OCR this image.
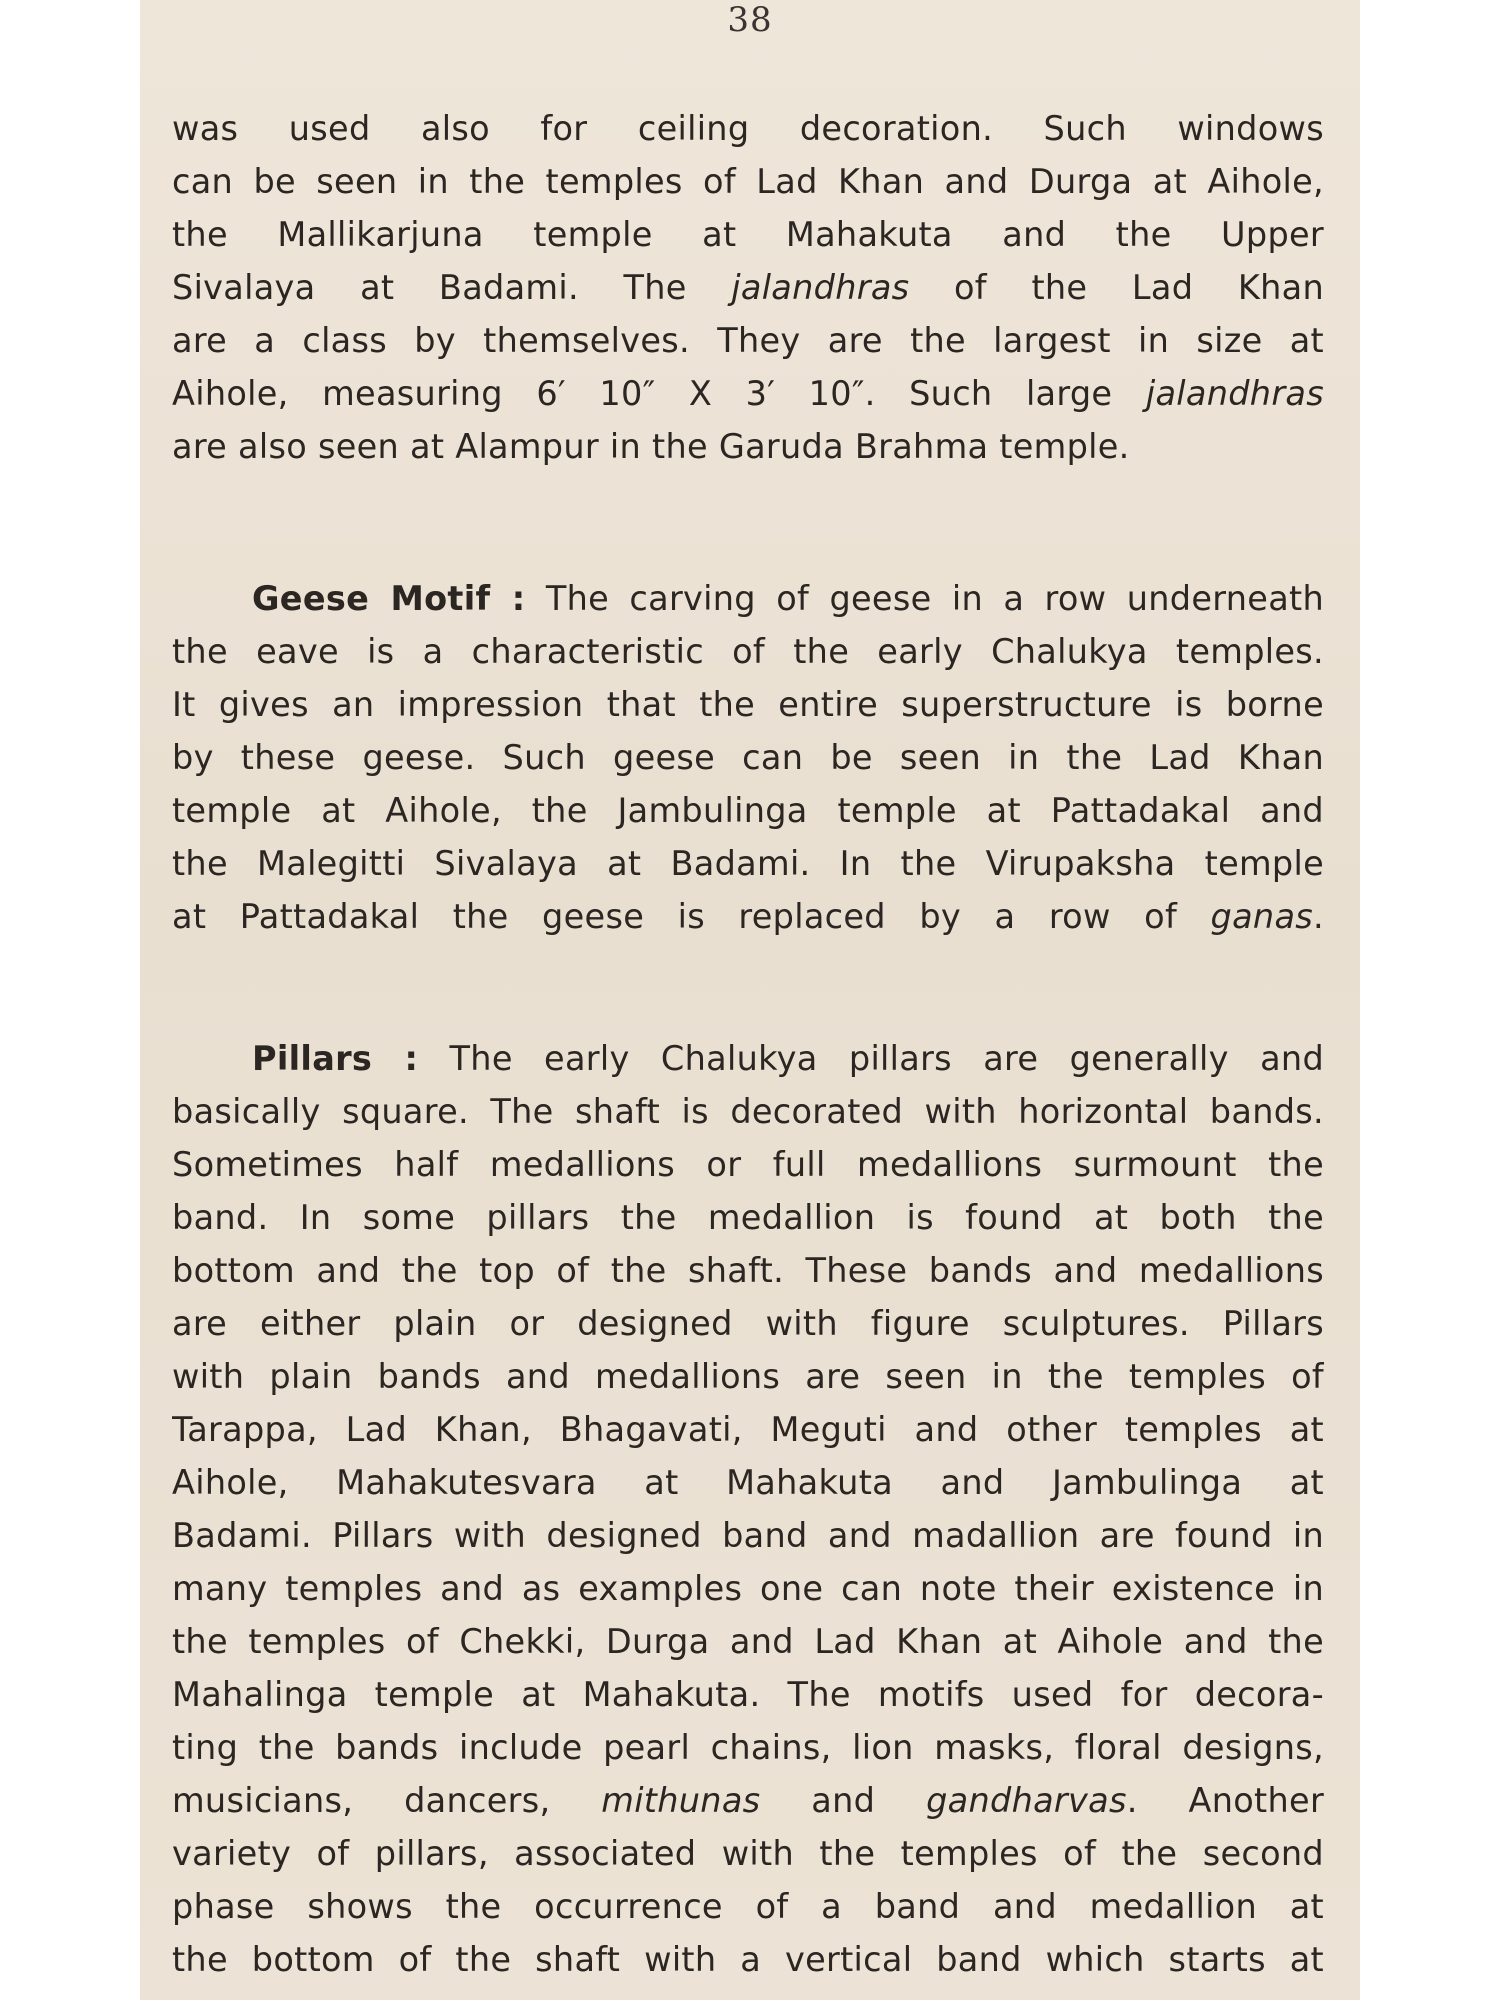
38
was used also for ceiling decoration. Such windows
can be seen in the temples of Lad Khan and Durga at Aihole,
the Mallikarjuna temple at Mahakuta and the Upper
Sivalaya at Badami. The jalandhras of the Lad Khan
are a class by themselves. They are the largest in size at
Aihole, measuring 6′ 10″ X 3′ 10″. Such large jalandhras
are also seen at Alampur in the Garuda Brahma temple.
Geese Motif : The carving of geese in a row underneath
the eave is a characteristic of the early Chalukya temples.
It gives an impression that the entire superstructure is borne
by these geese. Such geese can be seen in the Lad Khan
temple at Aihole, the Jambulinga temple at Pattadakal and
the Malegitti Sivalaya at Badami. In the Virupaksha temple
at Pattadakal the geese is replaced by a row of ganas.
Pillars : The early Chalukya pillars are generally and
basically square. The shaft is decorated with horizontal bands.
Sometimes half medallions or full medallions surmount the
band. In some pillars the medallion is found at both the
bottom and the top of the shaft. These bands and medallions
are either plain or designed with figure sculptures. Pillars
with plain bands and medallions are seen in the temples of
Tarappa, Lad Khan, Bhagavati, Meguti and other temples at
Aihole, Mahakutesvara at Mahakuta and Jambulinga at
Badami. Pillars with designed band and madallion are found in
many temples and as examples one can note their existence in
the temples of Chekki, Durga and Lad Khan at Aihole and the
Mahalinga temple at Mahakuta. The motifs used for decora-
ting the bands include pearl chains, lion masks, floral designs,
musicians, dancers, mithunas and gandharvas. Another
variety of pillars, associated with the temples of the second
phase shows the occurrence of a band and medallion at
the bottom of the shaft with a vertical band which starts at
